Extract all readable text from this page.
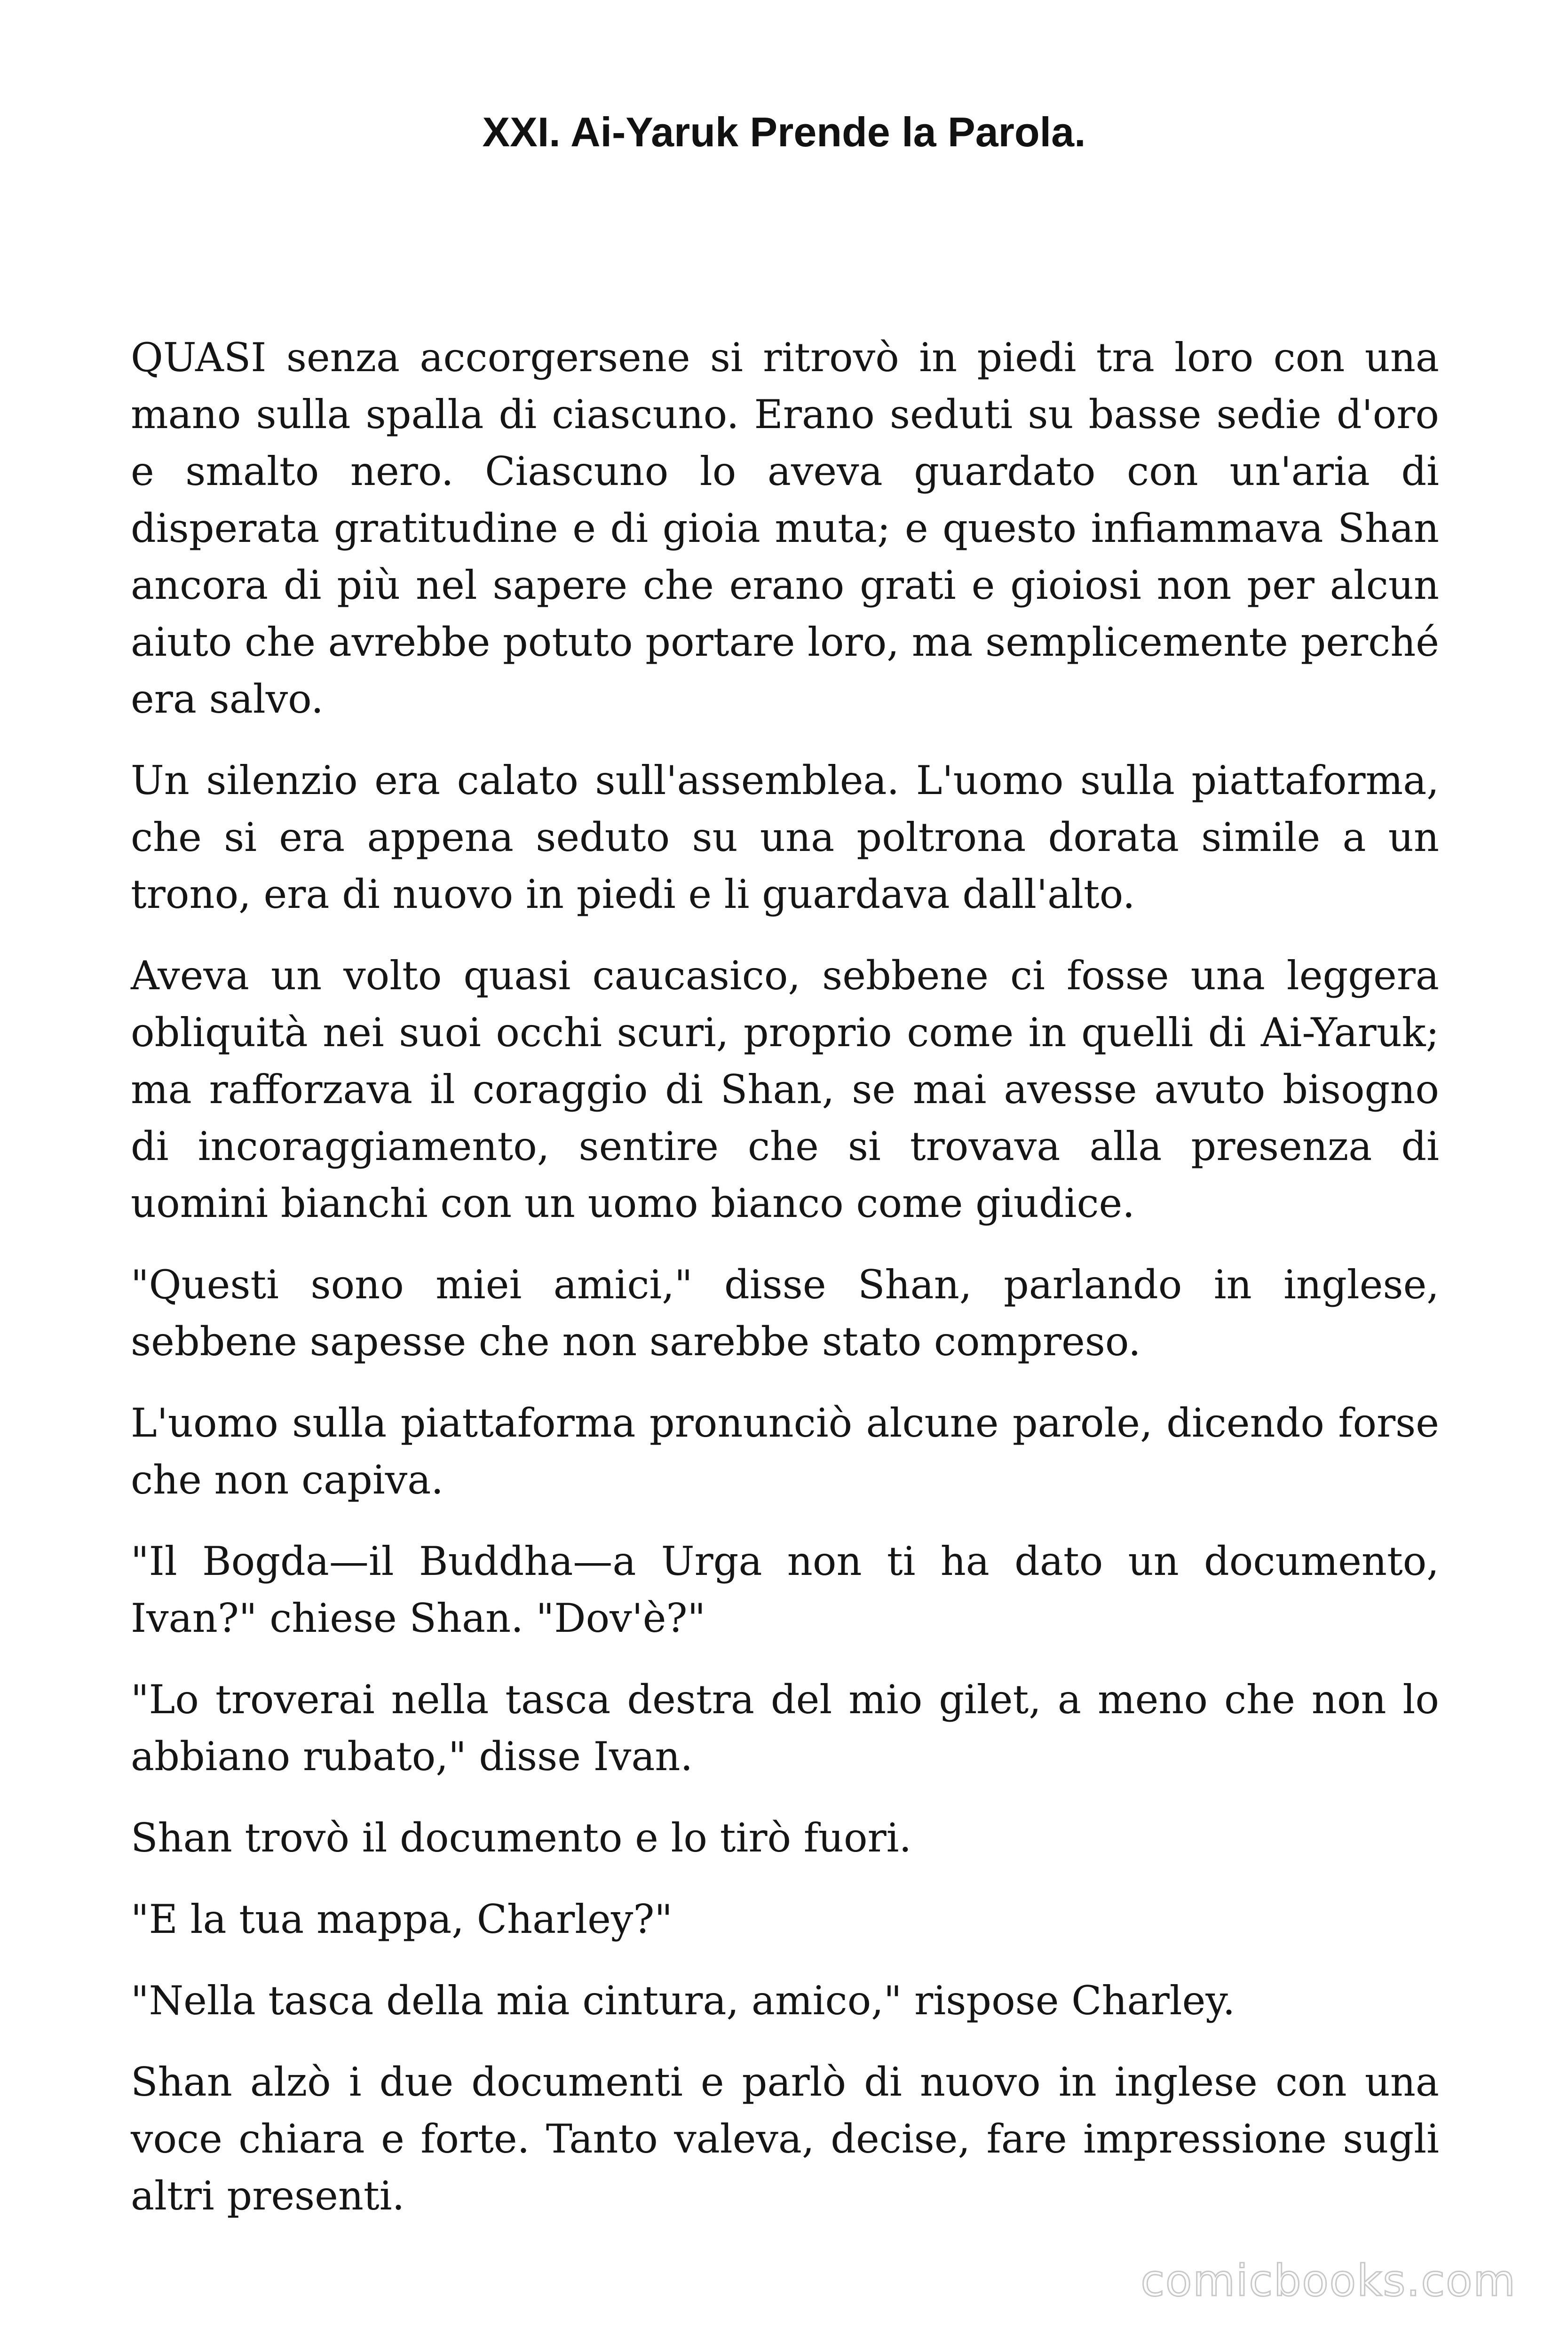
XXI. Ai-Yaruk Prende la Parola.

QUASI senza accorgersene si ritrovò in piedi tra loro con una mano sulla spalla di ciascuno. Erano seduti su basse sedie d'oro e smalto nero. Ciascuno lo aveva guardato con un'aria di disperata gratitudine e di gioia muta; e questo infiammava Shan ancora di più nel sapere che erano grati e gioiosi non per alcun aiuto che avrebbe potuto portare loro, ma semplicemente perché era salvo.

Un silenzio era calato sull'assemblea. L'uomo sulla piattaforma, che si era appena seduto su una poltrona dorata simile a un trono, era di nuovo in piedi e li guardava dall'alto.

Aveva un volto quasi caucasico, sebbene ci fosse una leggera obliquità nei suoi occhi scuri, proprio come in quelli di Ai-Yaruk; ma rafforzava il coraggio di Shan, se mai avesse avuto bisogno di incoraggiamento, sentire che si trovava alla presenza di uomini bianchi con un uomo bianco come giudice.

"Questi sono miei amici," disse Shan, parlando in inglese, sebbene sapesse che non sarebbe stato compreso.

L'uomo sulla piattaforma pronunciò alcune parole, dicendo forse che non capiva.

"Il Bogda—il Buddha—a Urga non ti ha dato un documento, Ivan?" chiese Shan. "Dov'è?"

"Lo troverai nella tasca destra del mio gilet, a meno che non lo abbiano rubato," disse Ivan.

Shan trovò il documento e lo tirò fuori.

"E la tua mappa, Charley?"

"Nella tasca della mia cintura, amico," rispose Charley.

Shan alzò i due documenti e parlò di nuovo in inglese con una voce chiara e forte. Tanto valeva, decise, fare impressione sugli altri presenti.

comicbooks.com
